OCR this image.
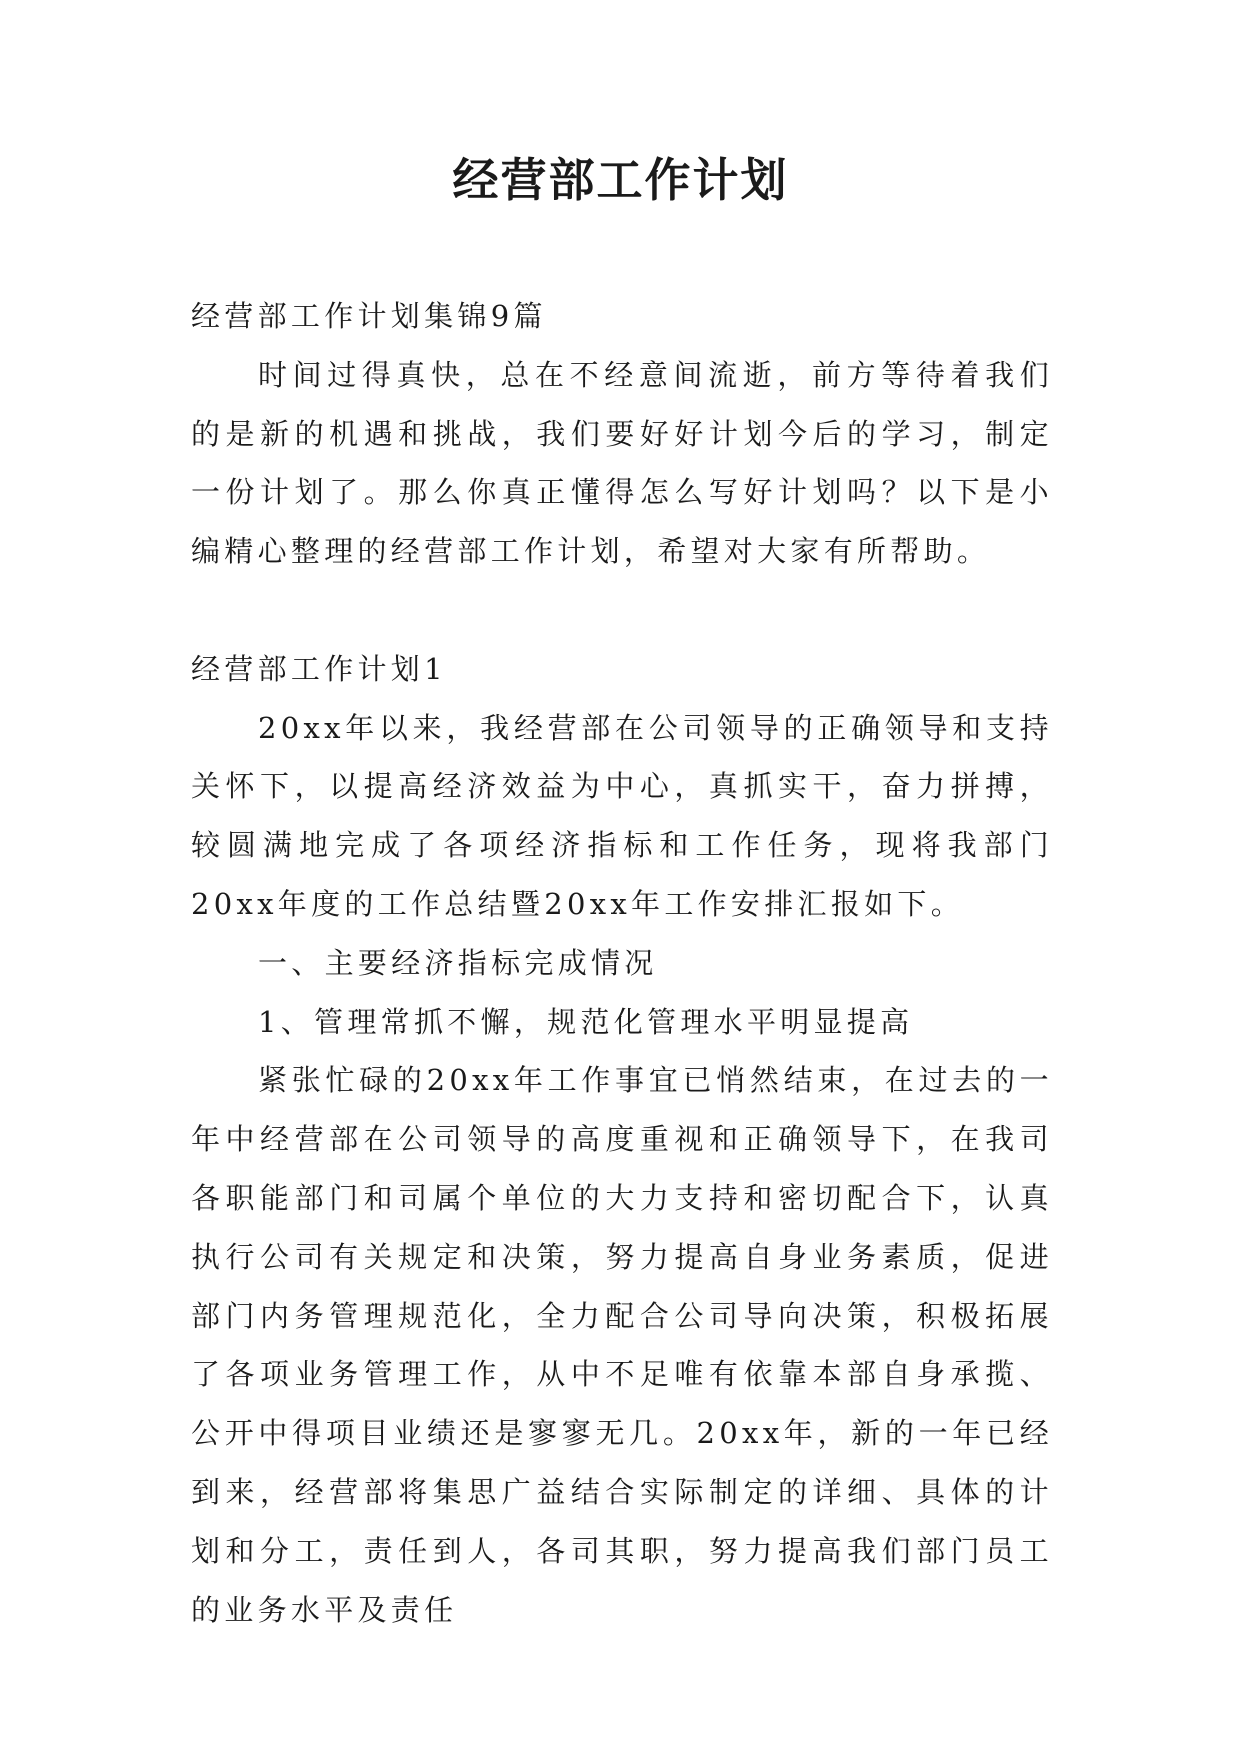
经营部工作计划

经营部工作计划集锦9篇

时间过得真快，总在不经意间流逝，前方等待着我们的是新的机遇和挑战，我们要好好计划今后的学习，制定一份计划了。那么你真正懂得怎么写好计划吗？以下是小编精心整理的经营部工作计划，希望对大家有所帮助。

经营部工作计划1

20xx年以来，我经营部在公司领导的正确领导和支持关怀下，以提高经济效益为中心，真抓实干，奋力拼搏，较圆满地完成了各项经济指标和工作任务，现将我部门20xx年度的工作总结暨20xx年工作安排汇报如下。

一、主要经济指标完成情况

1、管理常抓不懈，规范化管理水平明显提高

紧张忙碌的20xx年工作事宜已悄然结束，在过去的一年中经营部在公司领导的高度重视和正确领导下，在我司各职能部门和司属个单位的大力支持和密切配合下，认真执行公司有关规定和决策，努力提高自身业务素质，促进部门内务管理规范化，全力配合公司导向决策，积极拓展了各项业务管理工作，从中不足唯有依靠本部自身承揽、公开中得项目业绩还是寥寥无几。20xx年，新的一年已经到来，经营部将集思广益结合实际制定的详细、具体的计划和分工，责任到人，各司其职，努力提高我们部门员工的业务水平及责任
